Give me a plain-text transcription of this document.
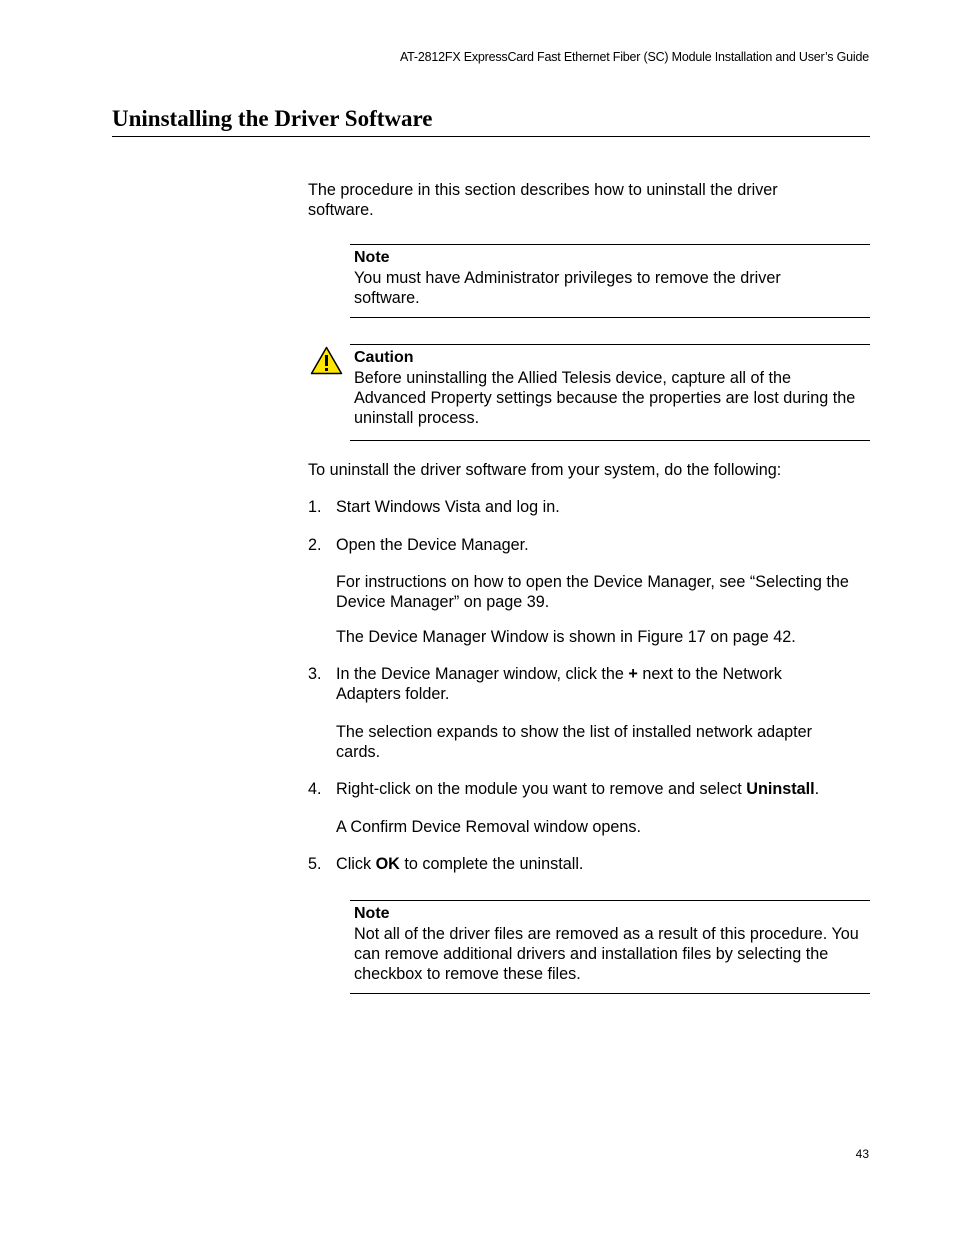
AT-2812FX ExpressCard Fast Ethernet Fiber (SC) Module Installation and User’s Guide
Uninstalling the Driver Software
The procedure in this section describes how to uninstall the driver software.
Note
You must have Administrator privileges to remove the driver software.
Caution
Before uninstalling the Allied Telesis device, capture all of the Advanced Property settings because the properties are lost during the uninstall process.
To uninstall the driver software from your system, do the following:
1. Start Windows Vista and log in.
2. Open the Device Manager.
For instructions on how to open the Device Manager, see “Selecting the Device Manager” on page 39.
The Device Manager Window is shown in Figure 17 on page 42.
3. In the Device Manager window, click the + next to the Network Adapters folder.
The selection expands to show the list of installed network adapter cards.
4. Right-click on the module you want to remove and select Uninstall.
A Confirm Device Removal window opens.
5. Click OK to complete the uninstall.
Note
Not all of the driver files are removed as a result of this procedure. You can remove additional drivers and installation files by selecting the checkbox to remove these files.
43
